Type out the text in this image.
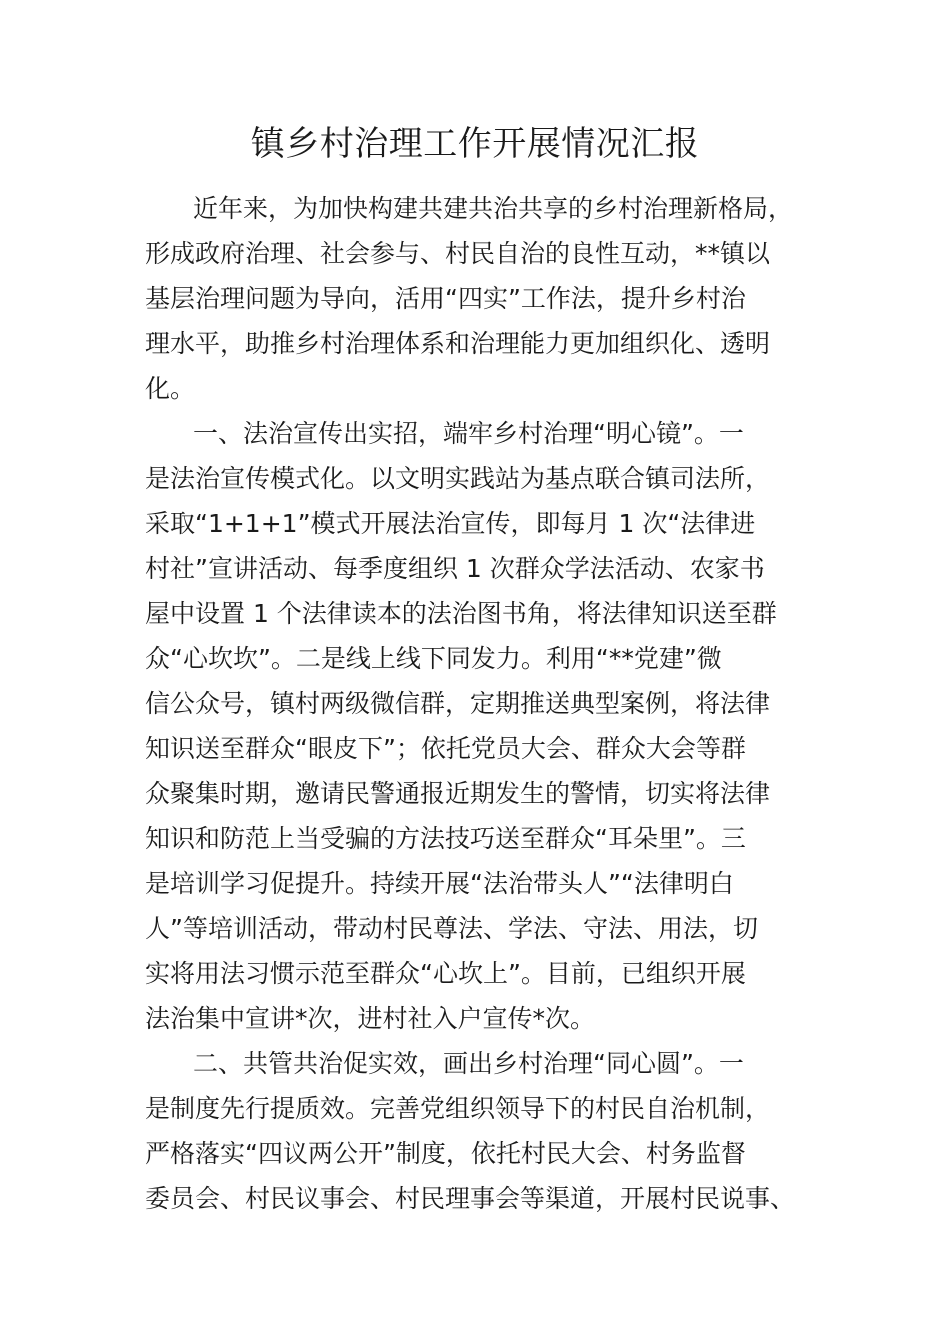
镇乡村治理工作开展情况汇报
近年来，为加快构建共建共治共享的乡村治理新格局，
形成政府治理、社会参与、村民自治的良性互动，**镇以
基层治理问题为导向，活用“四实”工作法，提升乡村治
理水平，助推乡村治理体系和治理能力更加组织化、透明
化。
一、法治宣传出实招，端牢乡村治理“明心镜”。一
是法治宣传模式化。以文明实践站为基点联合镇司法所，
采取“1+1+1”模式开展法治宣传，即每月 1 次“法律进
村社”宣讲活动、每季度组织 1 次群众学法活动、农家书
屋中设置 1 个法律读本的法治图书角，将法律知识送至群
众“心坎坎”。二是线上线下同发力。利用“**党建”微
信公众号，镇村两级微信群，定期推送典型案例，将法律
知识送至群众“眼皮下”；依托党员大会、群众大会等群
众聚集时期，邀请民警通报近期发生的警情，切实将法律
知识和防范上当受骗的方法技巧送至群众“耳朵里”。三
是培训学习促提升。持续开展“法治带头人”“法律明白
人”等培训活动，带动村民尊法、学法、守法、用法，切
实将用法习惯示范至群众“心坎上”。目前，已组织开展
法治集中宣讲*次，进村社入户宣传*次。
二、共管共治促实效，画出乡村治理“同心圆”。一
是制度先行提质效。完善党组织领导下的村民自治机制，
严格落实“四议两公开”制度，依托村民大会、村务监督
委员会、村民议事会、村民理事会等渠道，开展村民说事、
